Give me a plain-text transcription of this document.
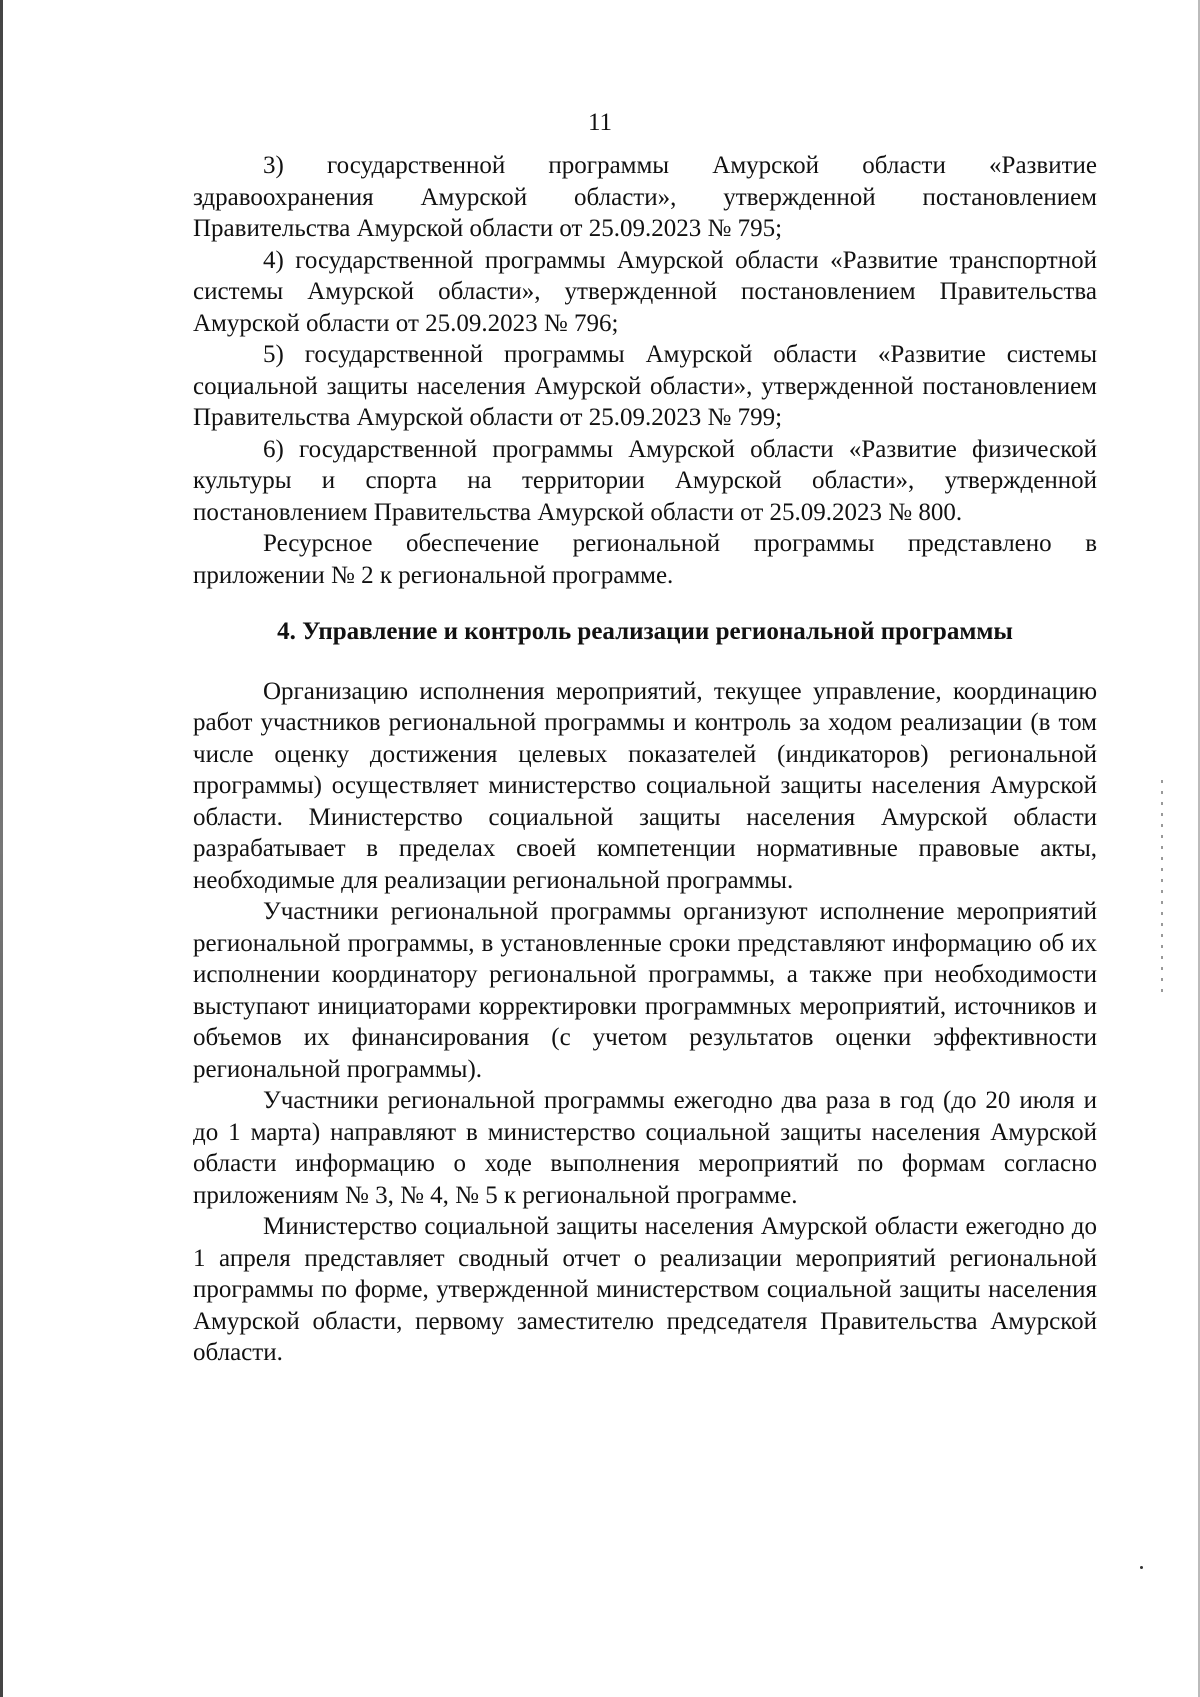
11

3) государственной программы Амурской области «Развитие здравоохранения Амурской области», утвержденной постановлением Правительства Амурской области от 25.09.2023 № 795;

4) государственной программы Амурской области «Развитие транспортной системы Амурской области», утвержденной постановлением Правительства Амурской области от 25.09.2023 № 796;

5) государственной программы Амурской области «Развитие системы социальной защиты населения Амурской области», утвержденной постановлением Правительства Амурской области от 25.09.2023 № 799;

6) государственной программы Амурской области «Развитие физической культуры и спорта на территории Амурской области», утвержденной постановлением Правительства Амурской области от 25.09.2023 № 800.

Ресурсное обеспечение региональной программы представлено в приложении № 2 к региональной программе.

4. Управление и контроль реализации региональной программы

Организацию исполнения мероприятий, текущее управление, координацию работ участников региональной программы и контроль за ходом реализации (в том числе оценку достижения целевых показателей (индикаторов) региональной программы) осуществляет министерство социальной защиты населения Амурской области. Министерство социальной защиты населения Амурской области разрабатывает в пределах своей компетенции нормативные правовые акты, необходимые для реализации региональной программы.

Участники региональной программы организуют исполнение мероприятий региональной программы, в установленные сроки представляют информацию об их исполнении координатору региональной программы, а также при необходимости выступают инициаторами корректировки программных мероприятий, источников и объемов их финансирования (с учетом результатов оценки эффективности региональной программы).

Участники региональной программы ежегодно два раза в год (до 20 июля и до 1 марта) направляют в министерство социальной защиты населения Амурской области информацию о ходе выполнения мероприятий по формам согласно приложениям № 3, № 4, № 5 к региональной программе.

Министерство социальной защиты населения Амурской области ежегодно до 1 апреля представляет сводный отчет о реализации мероприятий региональной программы по форме, утвержденной министерством социальной защиты населения Амурской области, первому заместителю председателя Правительства Амурской области.
